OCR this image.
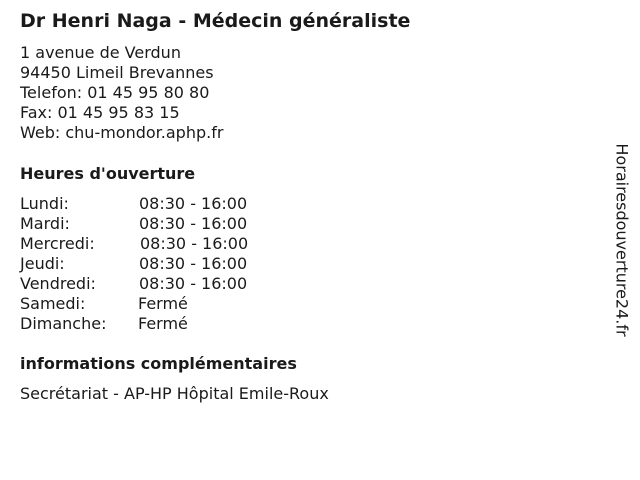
Dr Henri Naga - Médecin généraliste
1 avenue de Verdun
94450 Limeil Brevannes
Telefon: 01 45 95 80 80
Fax: 01 45 95 83 15
Web: chu-mondor.aphp.fr
Heures d'ouverture
Lundi:	08:30 - 16:00
Mardi:	08:30 - 16:00
Mercredi:	08:30 - 16:00
Jeudi:	08:30 - 16:00
Vendredi:	08:30 - 16:00
Samedi:	Fermé
Dimanche: Fermé
informations complémentaires
Secrétariat - AP-HP Hôpital Emile-Roux
Horairesdouverture24.fr
